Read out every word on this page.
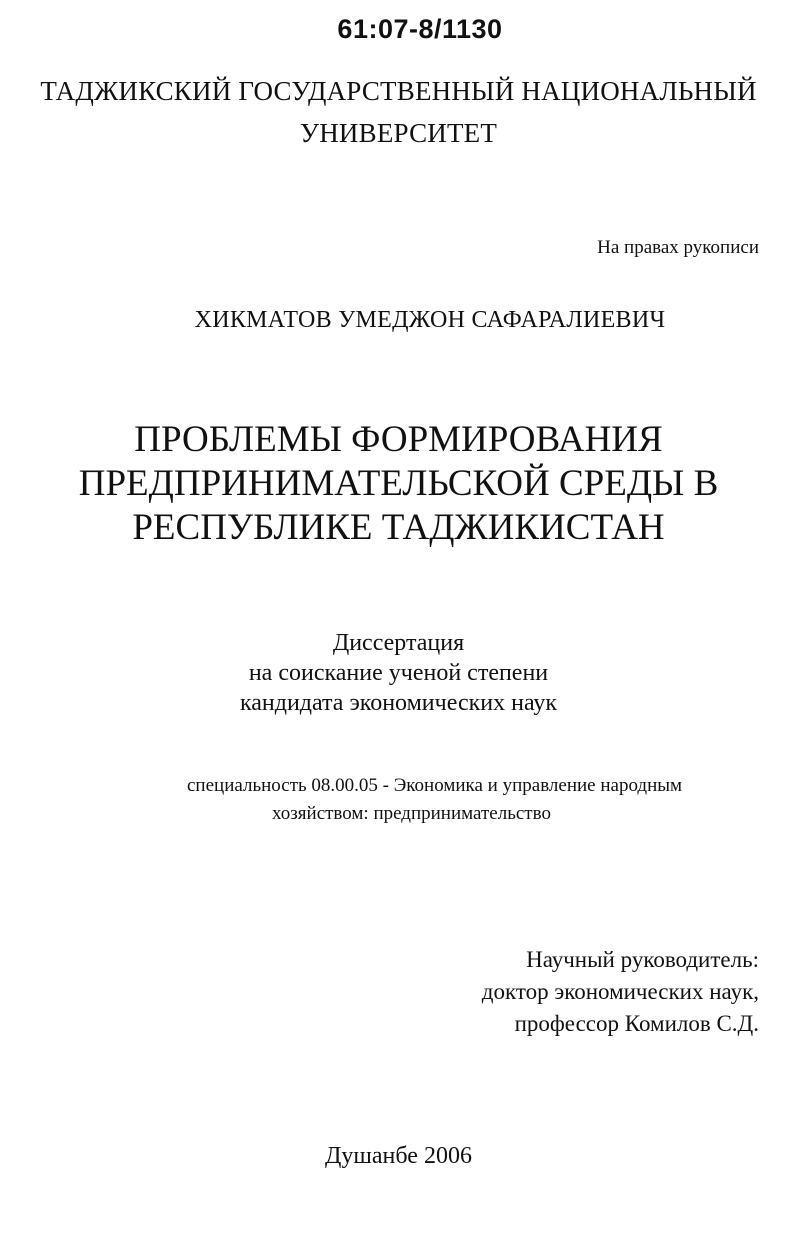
61:07-8/1130
ТАДЖИКСКИЙ ГОСУДАРСТВЕННЫЙ НАЦИОНАЛЬНЫЙ
УНИВЕРСИТЕТ
На правах рукописи
ХИКМАТОВ УМЕДЖОН САФАРАЛИЕВИЧ
ПРОБЛЕМЫ ФОРМИРОВАНИЯ
ПРЕДПРИНИМАТЕЛЬСКОЙ СРЕДЫ В
РЕСПУБЛИКЕ ТАДЖИКИСТАН
Диссертация
на соискание ученой степени
кандидата экономических наук
специальность 08.00.05 - Экономика и управление народным
хозяйством: предпринимательство
Научный руководитель:
доктор экономических наук,
профессор Комилов С.Д.
Душанбе 2006
